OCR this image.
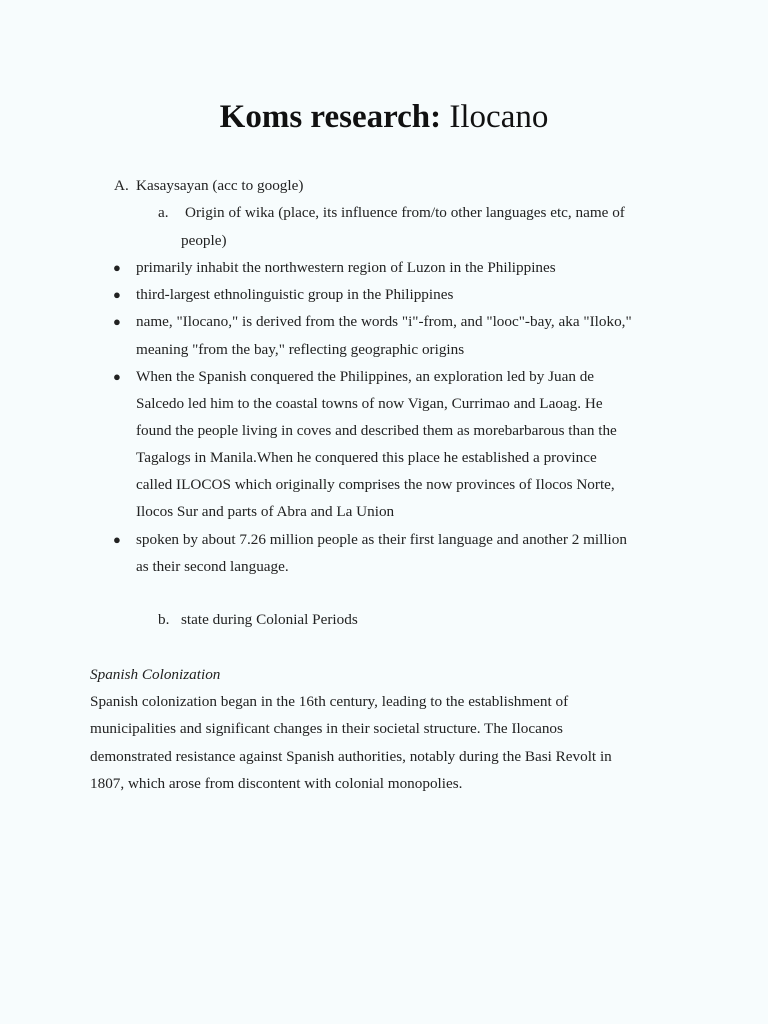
Koms research: Ilocano
A. Kasaysayan (acc to google)
a. Origin of wika (place, its influence from/to other languages etc, name of
people)
● primarily inhabit the northwestern region of Luzon in the Philippines
● third-largest ethnolinguistic group in the Philippines
● name, "Ilocano," is derived from the words "i"-from, and "looc"-bay, aka "Iloko,"
meaning "from the bay," reflecting geographic origins
● When the Spanish conquered the Philippines, an exploration led by Juan de
Salcedo led him to the coastal towns of now Vigan, Currimao and Laoag. He
found the people living in coves and described them as morebarbarous than the
Tagalogs in Manila.When he conquered this place he established a province
called ILOCOS which originally comprises the now provinces of Ilocos Norte,
Ilocos Sur and parts of Abra and La Union
● spoken by about 7.26 million people as their first language and another 2 million
as their second language.
b. state during Colonial Periods
Spanish Colonization
Spanish colonization began in the 16th century, leading to the establishment of
municipalities and significant changes in their societal structure. The Ilocanos
demonstrated resistance against Spanish authorities, notably during the Basi Revolt in
1807, which arose from discontent with colonial monopolies.
